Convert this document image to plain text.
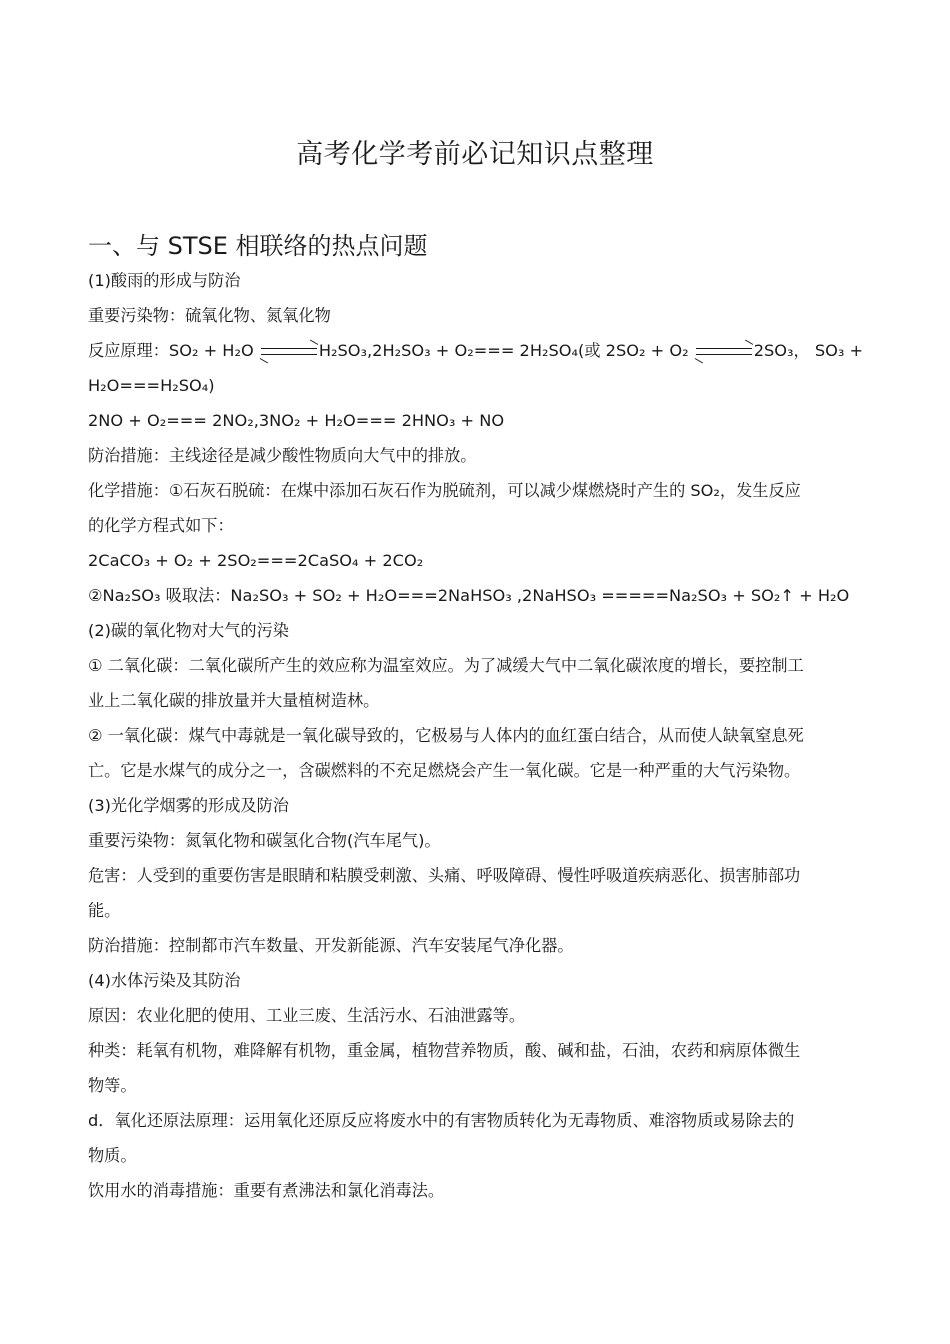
高考化学考前必记知识点整理
一、与 STSE 相联络的热点问题
(1)酸雨的形成与防治
重要污染物：硫氧化物、氮氧化物
反应原理：SO₂ + H₂O	H₂SO₃,2H₂SO₃ + O₂=== 2H₂SO₄(或 2SO₂ + O₂	2SO₃， SO₃ +
H₂O===H₂SO₄)
2NO + O₂=== 2NO₂,3NO₂ + H₂O=== 2HNO₃ + NO
防治措施：主线途径是减少酸性物质向大气中的排放。
化学措施：①石灰石脱硫：在煤中添加石灰石作为脱硫剂，可以减少煤燃烧时产生的 SO₂，发生反应
的化学方程式如下：
2CaCO₃ + O₂ + 2SO₂===2CaSO₄ + 2CO₂
②Na₂SO₃ 吸取法：Na₂SO₃ + SO₂ + H₂O===2NaHSO₃ ,2NaHSO₃ =====Na₂SO₃ + SO₂↑ + H₂O
(2)碳的氧化物对大气的污染
① 二氧化碳：二氧化碳所产生的效应称为温室效应。为了减缓大气中二氧化碳浓度的增长，要控制工
业上二氧化碳的排放量并大量植树造林。
② 一氧化碳：煤气中毒就是一氧化碳导致的，它极易与人体内的血红蛋白结合，从而使人缺氧窒息死
亡。它是水煤气的成分之一，含碳燃料的不充足燃烧会产生一氧化碳。它是一种严重的大气污染物。
(3)光化学烟雾的形成及防治
重要污染物：氮氧化物和碳氢化合物(汽车尾气)。
危害：人受到的重要伤害是眼睛和粘膜受刺激、头痛、呼吸障碍、慢性呼吸道疾病恶化、损害肺部功
能。
防治措施：控制都市汽车数量、开发新能源、汽车安装尾气净化器。
(4)水体污染及其防治
原因：农业化肥的使用、工业三废、生活污水、石油泄露等。
种类：耗氧有机物，难降解有机物，重金属，植物营养物质，酸、碱和盐，石油，农药和病原体微生
物等。
d．氧化还原法原理：运用氧化还原反应将废水中的有害物质转化为无毒物质、难溶物质或易除去的
物质。
饮用水的消毒措施：重要有煮沸法和氯化消毒法。
